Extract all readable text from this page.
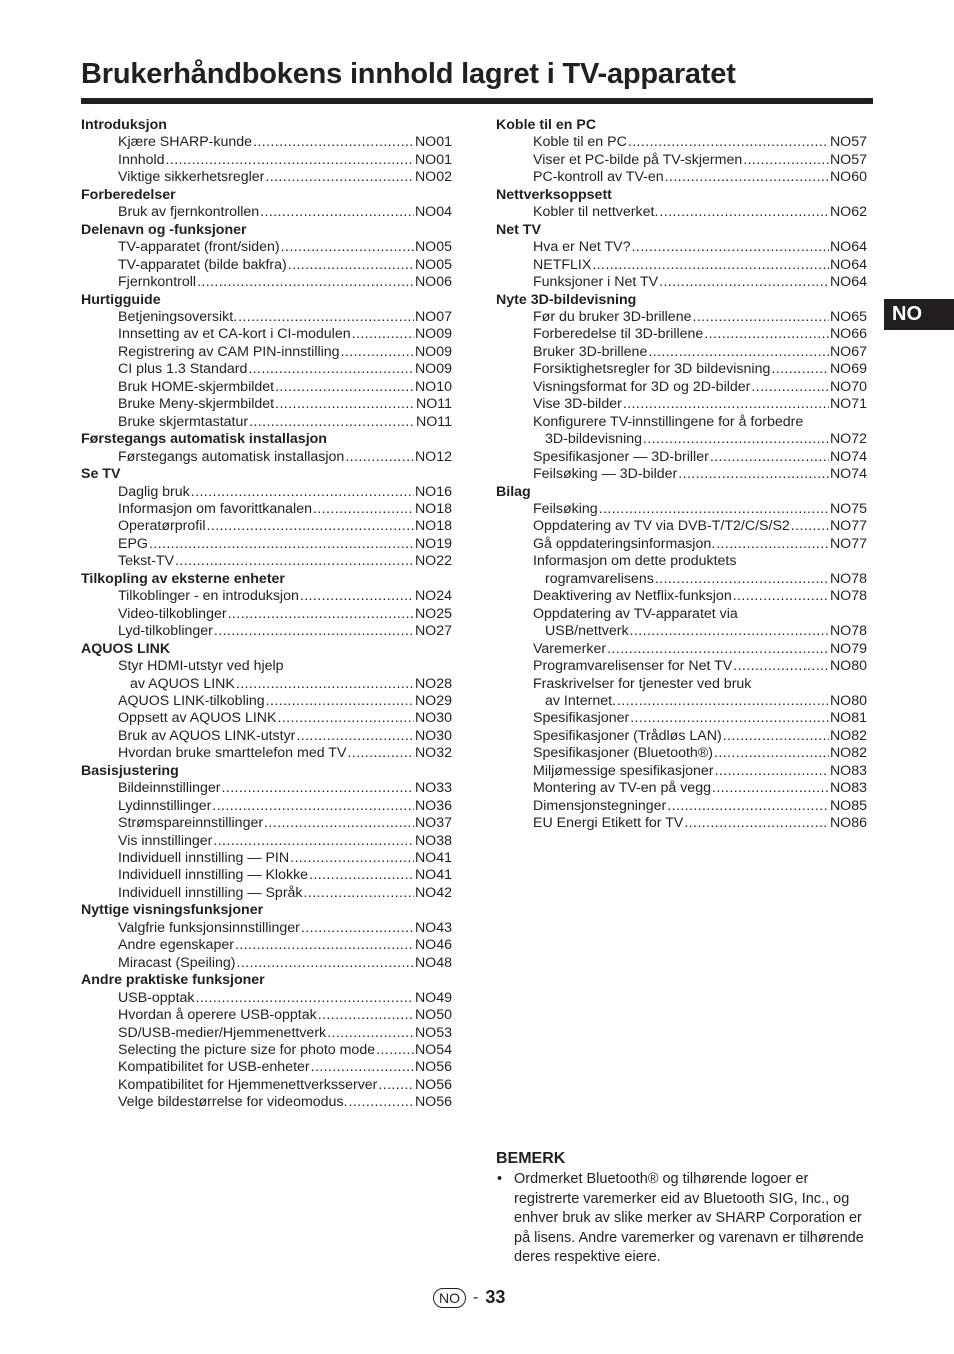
Brukerhåndbokens innhold lagret i TV-apparatet
NO
Introduksjon
Kjære SHARP-kunde .....	NO01
Innhold .....	NO01
Viktige sikkerhetsregler .....	NO02
Forberedelser
Bruk av fjernkontrollen .....	NO04
Delenavn og -funksjoner
TV-apparatet (front/siden) .....	NO05
TV-apparatet (bilde bakfra) .....	NO05
Fjernkontroll .....	NO06
Hurtigguide
Betjeningsoversikt. .....	NO07
Innsetting av et CA-kort i CI-modulen .....	NO09
Registrering av CAM PIN-innstilling .....	NO09
CI plus 1.3 Standard .....	NO09
Bruk HOME-skjermbildet .....	NO10
Bruke Meny-skjermbildet .....	NO11
Bruke skjermtastatur .....	NO11
Førstegangs automatisk installasjon
Førstegangs automatisk installasjon .....	NO12
Se TV
Daglig bruk .....	NO16
Informasjon om favorittkanalen .....	NO18
Operatørprofil .....	NO18
EPG .....	NO19
Tekst-TV .....	NO22
Tilkopling av eksterne enheter
Tilkoblinger - en introduksjon .....	NO24
Video-tilkoblinger .....	NO25
Lyd-tilkoblinger .....	NO27
AQUOS LINK
Styr HDMI-utstyr ved hjelp
av AQUOS LINK .....	NO28
AQUOS LINK-tilkobling .....	NO29
Oppsett av AQUOS LINK .....	NO30
Bruk av AQUOS LINK-utstyr .....	NO30
Hvordan bruke smarttelefon med TV .....	NO32
Basisjustering
Bildeinnstillinger .....	NO33
Lydinnstillinger .....	NO36
Strømspareinnstillinger .....	NO37
Vis innstillinger .....	NO38
Individuell innstilling — PIN .....	NO41
Individuell innstilling — Klokke .....	NO41
Individuell innstilling — Språk .....	NO42
Nyttige visningsfunksjoner
Valgfrie funksjonsinnstillinger .....	NO43
Andre egenskaper .....	NO46
Miracast (Speiling) .....	NO48
Andre praktiske funksjoner
USB-opptak .....	NO49
Hvordan å operere USB-opptak .....	NO50
SD/USB-medier/Hjemmenettverk .....	NO53
Selecting the picture size for photo mode .....	NO54
Kompatibilitet for USB-enheter .....	NO56
Kompatibilitet for Hjemmenettverksserver .....	NO56
Velge bildestørrelse for videomodus. .....	NO56
Koble til en PC
Koble til en PC .....	NO57
Viser et PC-bilde på TV-skjermen .....	NO57
PC-kontroll av TV-en .....	NO60
Nettverksoppsett
Kobler til nettverket. .....	NO62
Net TV
Hva er Net TV? .....	NO64
NETFLIX .....	NO64
Funksjoner i Net TV .....	NO64
Nyte 3D-bildevisning
Før du bruker 3D-brillene .....	NO65
Forberedelse til 3D-brillene .....	NO66
Bruker 3D-brillene .....	NO67
Forsiktighetsregler for 3D bildevisning .....	NO69
Visningsformat for 3D og 2D-bilder .....	NO70
Vise 3D-bilder .....	NO71
Konfigurere TV-innstillingene for å forbedre
3D-bildevisning .....	NO72
Spesifikasjoner — 3D-briller .....	NO74
Feilsøking — 3D-bilder .....	NO74
Bilag
Feilsøking .....	NO75
Oppdatering av TV via DVB-T/T2/C/S/S2 .....	NO77
Gå oppdateringsinformasjon. .....	NO77
Informasjon om dette produktets
rogramvarelisens .....	NO78
Deaktivering av Netflix-funksjon .....	NO78
Oppdatering av TV-apparatet via
USB/nettverk .....	NO78
Varemerker .....	NO79
Programvarelisenser for Net TV .....	NO80
Fraskrivelser for tjenester ved bruk
av Internet. .....	NO80
Spesifikasjoner .....	NO81
Spesifikasjoner (Trådløs LAN) .....	NO82
Spesifikasjoner (Bluetooth®) .....	NO82
Miljømessige spesifikasjoner .....	NO83
Montering av TV-en på vegg .....	NO83
Dimensjonstegninger .....	NO85
EU Energi Etikett for TV .....	NO86
BEMERK
• Ordmerket Bluetooth® og tilhørende logoer er registrerte varemerker eid av Bluetooth SIG, Inc., og enhver bruk av slike merker av SHARP Corporation er på lisens. Andre varemerker og varenavn er tilhørende deres respektive eiere.
NO - 33
